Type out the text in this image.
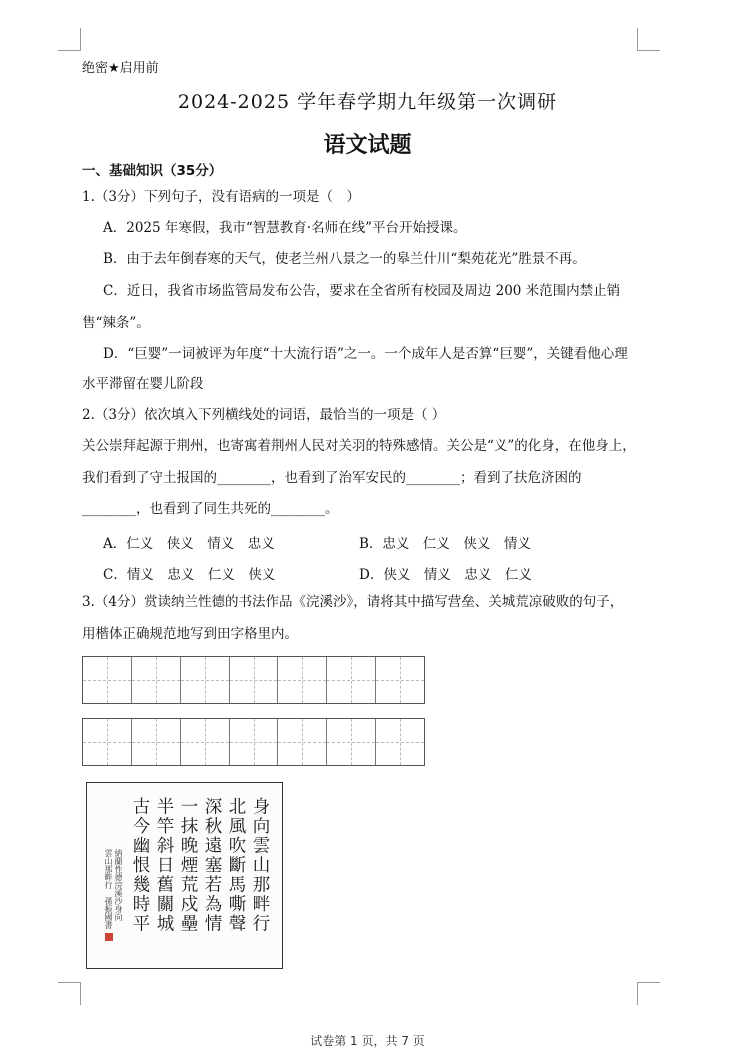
绝密★启用前
2024-2025 学年春学期九年级第一次调研
语文试题
一、基础知识（35分）
1.（3分）下列句子，没有语病的一项是（　）
A．2025 年寒假，我市“智慧教育·名师在线”平台开始授课。
B．由于去年倒春寒的天气，使老兰州八景之一的皋兰什川“梨苑花光”胜景不再。
C．近日，我省市场监管局发布公告，要求在全省所有校园及周边 200 米范围内禁止销
售“辣条”。
D．“巨婴”一词被评为年度“十大流行语”之一。一个成年人是否算“巨婴”，关键看他心理
水平滞留在婴儿阶段
2.（3分）依次填入下列横线处的词语，最恰当的一项是（ ）
关公崇拜起源于荆州，也寄寓着荆州人民对关羽的特殊感情。关公是“义”的化身，在他身上，
我们看到了守土报国的________，也看到了治军安民的________；看到了扶危济困的
________，也看到了同生共死的________。
A．仁义　侠义　情义　忠义	B．忠义　仁义　侠义　情义
C．情义　忠义　仁义　侠义	D．侠义　情义　忠义　仁义
3.（4分）赏读纳兰性德的书法作品《浣溪沙》，请将其中描写营垒、关城荒凉破败的句子，
用楷体正确规范地写到田字格里内。
身向雲山那畔行
北風吹斷馬嘶聲
深秋遠塞若為情
一抹晚煙荒戍壘
半竿斜日舊關城
古今幽恨幾時平
納蘭性德浣溪沙身向
雲山那畔行　孫振國書
试卷第 1 页，共 7 页
